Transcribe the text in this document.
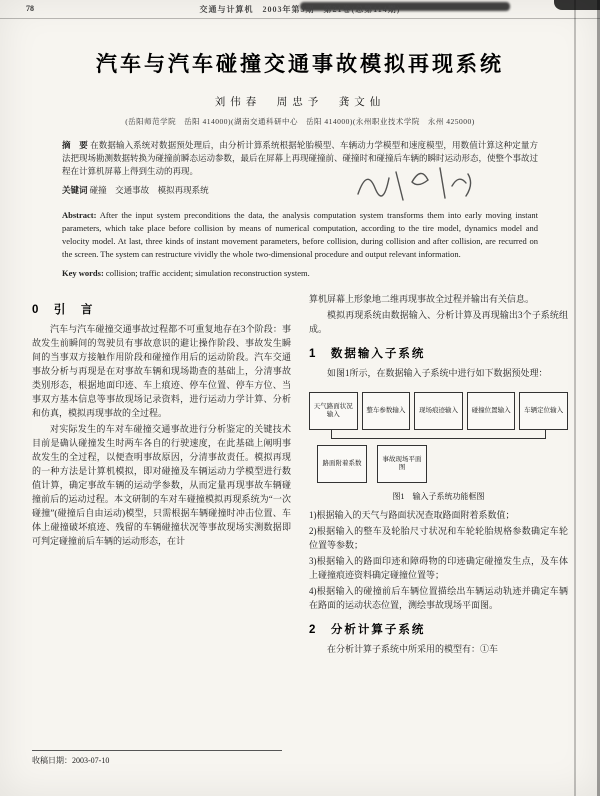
78	交通与计算机　2003年第3期　第21卷(总第114期)
汽车与汽车碰撞交通事故模拟再现系统
刘伟春　周忠予　龚文仙
(岳阳师范学院　岳阳 414000)(湖南交通科研中心　岳阳 414000)(永州职业技术学院　永州 425000)
摘　要 在数据输入系统对数据预处理后，由分析计算系统根据轮胎模型、车辆动力学模型和速度模型，用数值计算这种定量方法把现场勘测数据转换为碰撞前瞬态运动参数，最后在屏幕上再现碰撞前、碰撞时和碰撞后车辆的瞬时运动形态，使整个事故过程在计算机屏幕上得到生动的再现。
关键词 碰撞　交通事故　模拟再现系统
Abstract: After the input system preconditions the data, the analysis computation system transforms them into early moving instant parameters, which take place before collision by means of numerical computation, according to the tire model, dynamics model and velocity model. At last, three kinds of instant movement parameters, before collision, during collision and after collision, are recurred on the screen. The system can restructure vividly the whole two-dimensional procedure and output relevant information.
Key words: collision; traffic accident; simulation reconstruction system.
0　引　言

汽车与汽车碰撞交通事故过程都不可重复地存在3个阶段：事故发生前瞬间的驾驶员有事故意识的避让操作阶段、事故发生瞬间的当事双方接触作用阶段和碰撞作用后的运动阶段。汽车交通事故分析与再现是在对事故车辆和现场勘查的基础上，分清事故类别形态，根据地面印迹、车上痕迹、停车位置、停车方位、当事双方基本信息等事故现场记录资料，进行运动力学计算、分析和仿真，模拟再现事故的全过程。

对实际发生的车对车碰撞交通事故进行分析鉴定的关键技术目前是确认碰撞发生时两车各自的行驶速度，在此基础上阐明事故发生的全过程，以便查明事故原因，分清事故责任。模拟再现的一种方法是计算机模拟，即对碰撞及车辆运动力学模型进行数值计算，确定事故车辆的运动学参数，从而定量再现事故车辆碰撞前后的运动过程。本文研制的车对车碰撞模拟再现系统为“一次碰撞”(碰撞后自由运动)模型，只需根据车辆碰撞时冲击位置、车体上碰撞破坏痕迹、残留的车辆碰撞状况等事故现场实测数据即可判定碰撞前后车辆的运动形态，在计

算机屏幕上形象地二维再现事故全过程并输出有关信息。

模拟再现系统由数据输入、分析计算及再现输出3个子系统组成。

1　数据输入子系统

如图1所示，在数据输入子系统中进行如下数据预处理：

天气路面状况输入
整车参数输入	现场痕迹输入	碰撞位置输入	车辆定位输入
路面附着系数
事故现场平面图
图1　输入子系统功能框图

1)根据输入的天气与路面状况查取路面附着系数值；

2)根据输入的整车及轮胎尺寸状况和车轮轮胎规格参数确定车轮位置等参数；

3)根据输入的路面印迹和障碍物的印迹确定碰撞发生点，及车体上碰撞痕迹资料确定碰撞位置等；

4)根据输入的碰撞前后车辆位置描绘出车辆运动轨迹并确定车辆在路面的运动状态位置，测绘事故现场平面图。

2　分析计算子系统

在分析计算子系统中所采用的模型有：①车

收稿日期：2003-07-10
